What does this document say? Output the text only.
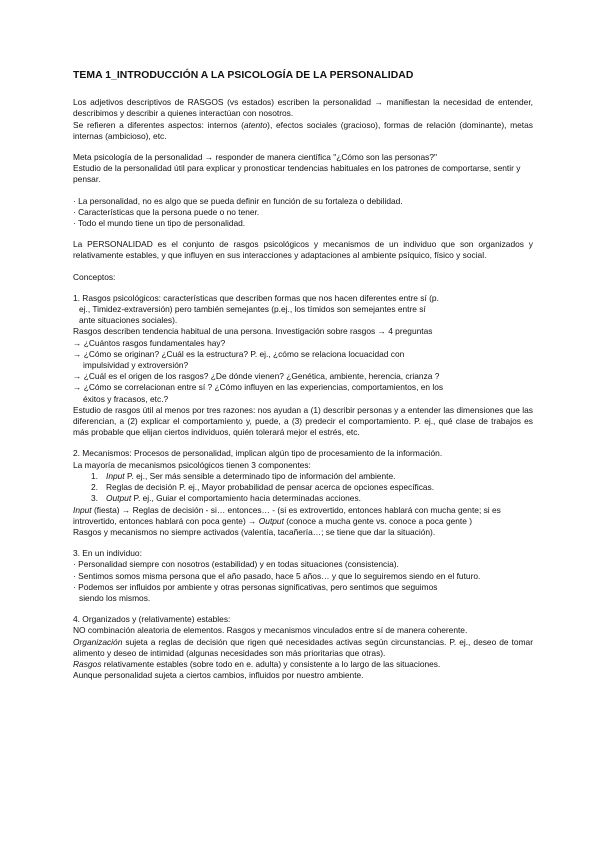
TEMA 1_INTRODUCCIÓN A LA PSICOLOGÍA DE LA PERSONALIDAD

Los adjetivos descriptivos de RASGOS (vs estados) escriben la personalidad → manifiestan la necesidad de entender, describimos y describir a quienes interactúan con nosotros.

Se refieren a diferentes aspectos: internos (atento), efectos sociales (gracioso), formas de relación (dominante), metas internas (ambicioso), etc.

Meta psicología de la personalidad → responder de manera científica "¿Cómo son las personas?"

Estudio de la personalidad útil para explicar y pronosticar tendencias habituales en los patrones de comportarse, sentir y pensar.

· La personalidad, no es algo que se pueda definir en función de su fortaleza o debilidad.

· Características que la persona puede o no tener.

· Todo el mundo tiene un tipo de personalidad.

La PERSONALIDAD es el conjunto de rasgos psicológicos y mecanismos de un individuo que son organizados y relativamente estables, y que influyen en sus interacciones y adaptaciones al ambiente psíquico, físico y social.

Conceptos:

1. Rasgos psicológicos: características que describen formas que nos hacen diferentes entre sí (p.

ej., Timidez-extraversión) pero también semejantes (p.ej., los tímidos son semejantes entre sí

ante situaciones sociales).

Rasgos describen tendencia habitual de una persona. Investigación sobre rasgos → 4 preguntas

→ ¿Cuántos rasgos fundamentales hay?

→ ¿Cómo se originan? ¿Cuál es la estructura? P. ej., ¿cómo se relaciona locuacidad con

impulsividad y extroversión?

→ ¿Cuál es el origen de los rasgos? ¿De dónde vienen? ¿Genética, ambiente, herencia, crianza ?

→ ¿Cómo se correlacionan entre sí ? ¿Cómo influyen en las experiencias, comportamientos, en los

éxitos y fracasos, etc.?

Estudio de rasgos útil al menos por tres razones: nos ayudan a (1) describir personas y a entender las dimensiones que las diferencian, a (2) explicar el comportamiento y, puede, a (3) predecir el comportamiento. P. ej., qué clase de trabajos es más probable que elijan ciertos individuos, quién tolerará mejor el estrés, etc.

2. Mecanismos: Procesos de personalidad, implican algún tipo de procesamiento de la información.

La mayoría de mecanismos psicológicos tienen 3 componentes:

1. Input P. ej., Ser más sensible a determinado tipo de información del ambiente.

2. Reglas de decisión P. ej., Mayor probabilidad de pensar acerca de opciones específicas.

3. Output P. ej., Guiar el comportamiento hacia determinadas acciones.

Input (fiesta) → Reglas de decisión - si… entonces… - (si es extrovertido, entonces hablará con mucha gente; si es introvertido, entonces hablará con poca gente) → Output (conoce a mucha gente vs. conoce a poca gente )

Rasgos y mecanismos no siempre activados (valentía, tacañería…; se tiene que dar la situación).

3. En un individuo:

· Personalidad siempre con nosotros (estabilidad) y en todas situaciones (consistencia).

· Sentimos somos misma persona que el año pasado, hace 5 años… y que lo seguiremos siendo en el futuro.

· Podemos ser influidos por ambiente y otras personas significativas, pero sentimos que seguimos

siendo los mismos.

4. Organizados y (relativamente) estables:

NO combinación aleatoria de elementos. Rasgos y mecanismos vinculados entre sí de manera coherente.

Organización sujeta a reglas de decisión que rigen qué necesidades activas según circunstancias. P. ej., deseo de tomar alimento y deseo de intimidad (algunas necesidades son más prioritarias que otras).

Rasgos relativamente estables (sobre todo en e. adulta) y consistente a lo largo de las situaciones.

Aunque personalidad sujeta a ciertos cambios, influidos por nuestro ambiente.
